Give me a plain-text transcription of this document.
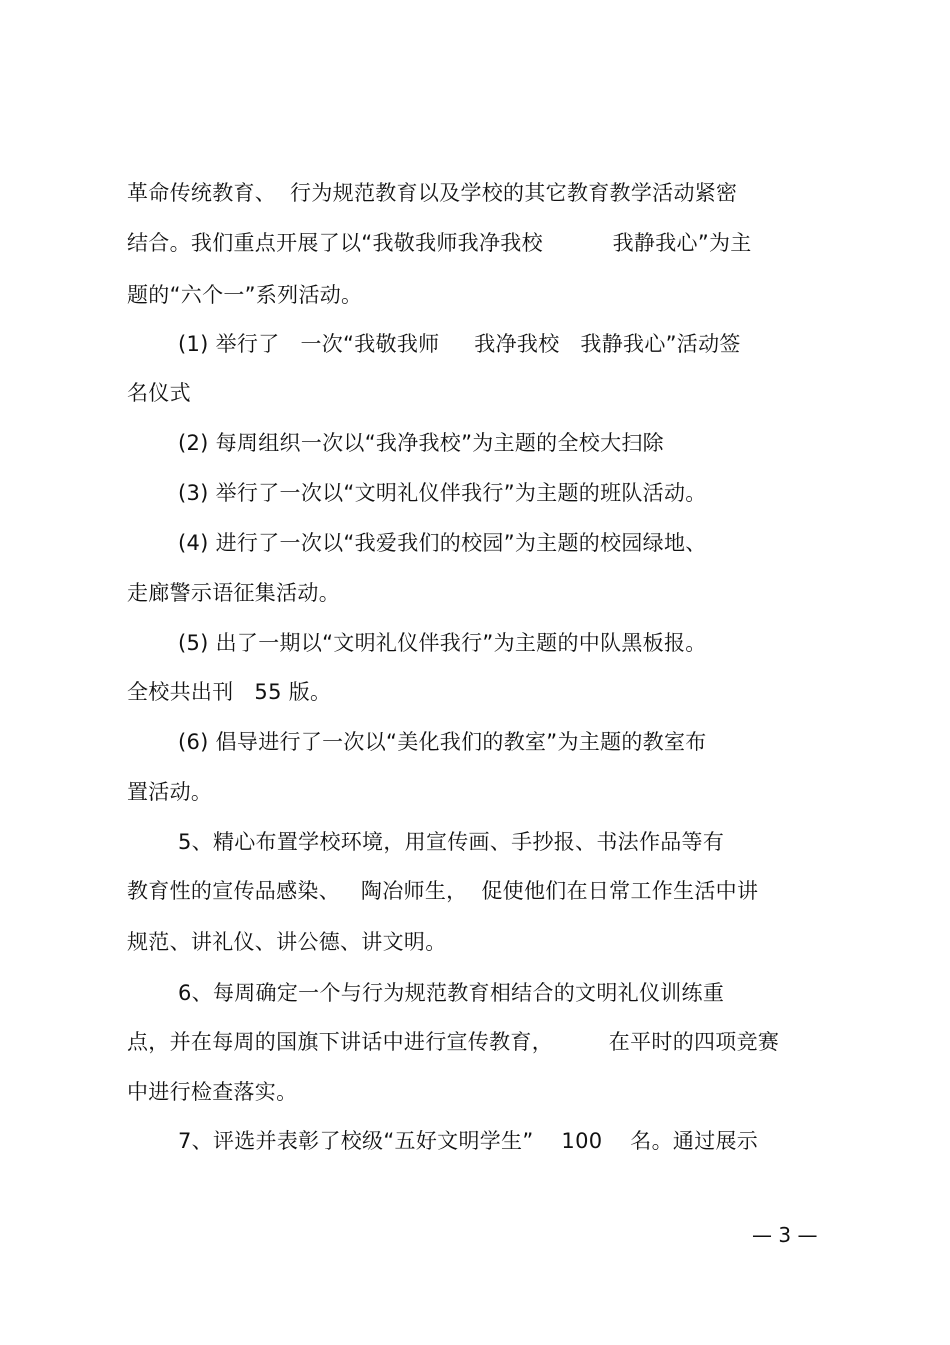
革命传统教育、  行为规范教育以及学校的其它教育教学活动紧密
结合。我们重点开展了以“我敬我师我净我校          我静我心”为主
题的“六个一”系列活动。
(1) 举行了   一次“我敬我师     我净我校   我静我心”活动签
名仪式
(2) 每周组织一次以“我净我校”为主题的全校大扫除
(3) 举行了一次以“文明礼仪伴我行”为主题的班队活动。
(4) 进行了一次以“我爱我们的校园”为主题的校园绿地、
走廊警示语征集活动。
(5) 出了一期以“文明礼仪伴我行”为主题的中队黑板报。
全校共出刊   55 版。
(6) 倡导进行了一次以“美化我们的教室”为主题的教室布
置活动。
5、精心布置学校环境，用宣传画、手抄报、书法作品等有
教育性的宣传品感染、   陶冶师生，  促使他们在日常工作生活中讲
规范、讲礼仪、讲公德、讲文明。
6、每周确定一个与行为规范教育相结合的文明礼仪训练重
点，并在每周的国旗下讲话中进行宣传教育，        在平时的四项竞赛
中进行检查落实。
7、评选并表彰了校级“五好文明学生”    100    名。通过展示
— 3 —
